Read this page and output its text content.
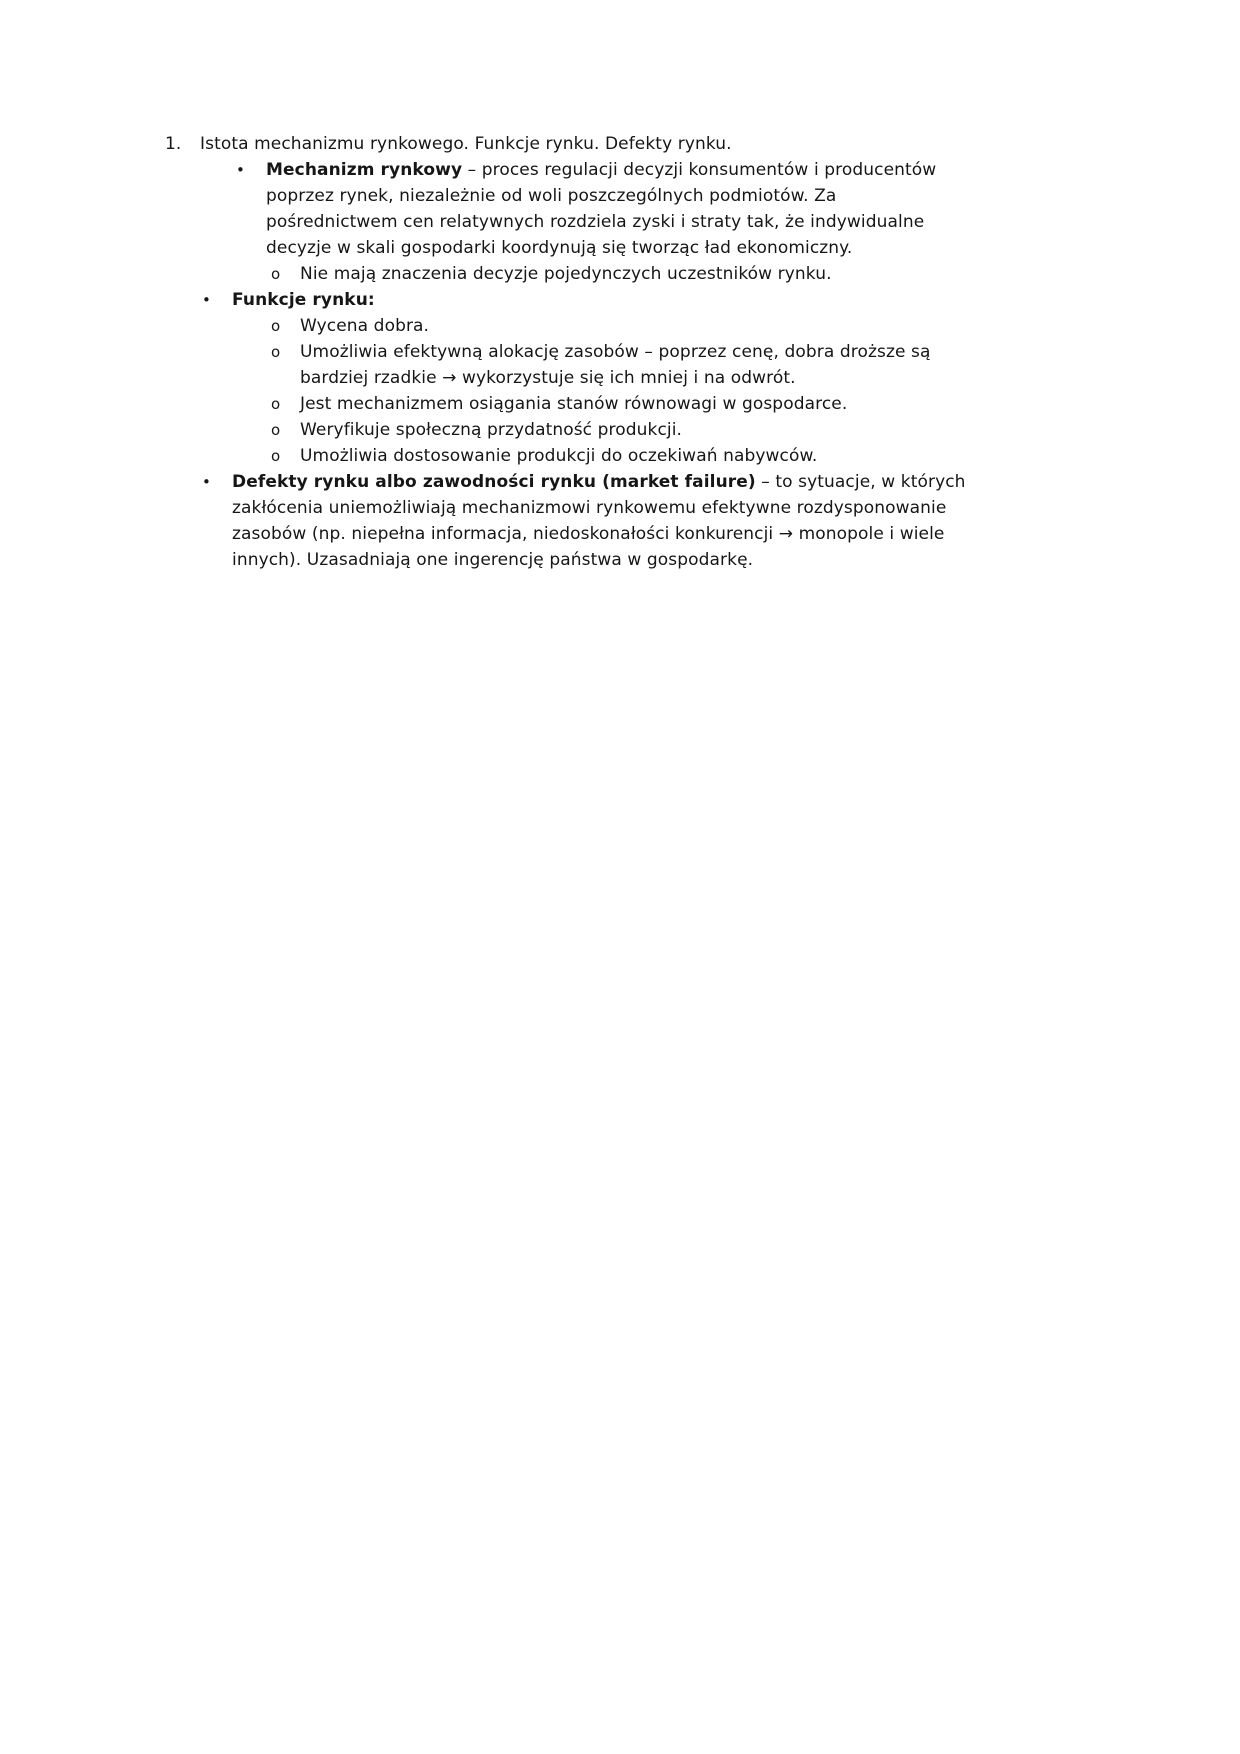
1.	Istota mechanizmu rynkowego. Funkcje rynku. Defekty rynku.
•	Mechanizm rynkowy – proces regulacji decyzji konsumentów i producentów poprzez rynek, niezależnie od woli poszczególnych podmiotów. Za pośrednictwem cen relatywnych rozdziela zyski i straty tak, że indywidualne decyzje w skali gospodarki koordynują się tworząc ład ekonomiczny.
o	Nie mają znaczenia decyzje pojedynczych uczestników rynku.
•	Funkcje rynku:
o	Wycena dobra.
o	Umożliwia efektywną alokację zasobów – poprzez cenę, dobra droższe są bardziej rzadkie → wykorzystuje się ich mniej i na odwrót.
o	Jest mechanizmem osiągania stanów równowagi w gospodarce.
o	Weryfikuje społeczną przydatność produkcji.
o	Umożliwia dostosowanie produkcji do oczekiwań nabywców.
•	Defekty rynku albo zawodności rynku (market failure) – to sytuacje, w których zakłócenia uniemożliwiają mechanizmowi rynkowemu efektywne rozdysponowanie zasobów (np. niepełna informacja, niedoskonałości konkurencji → monopole i wiele innych). Uzasadniają one ingerencję państwa w gospodarkę.
